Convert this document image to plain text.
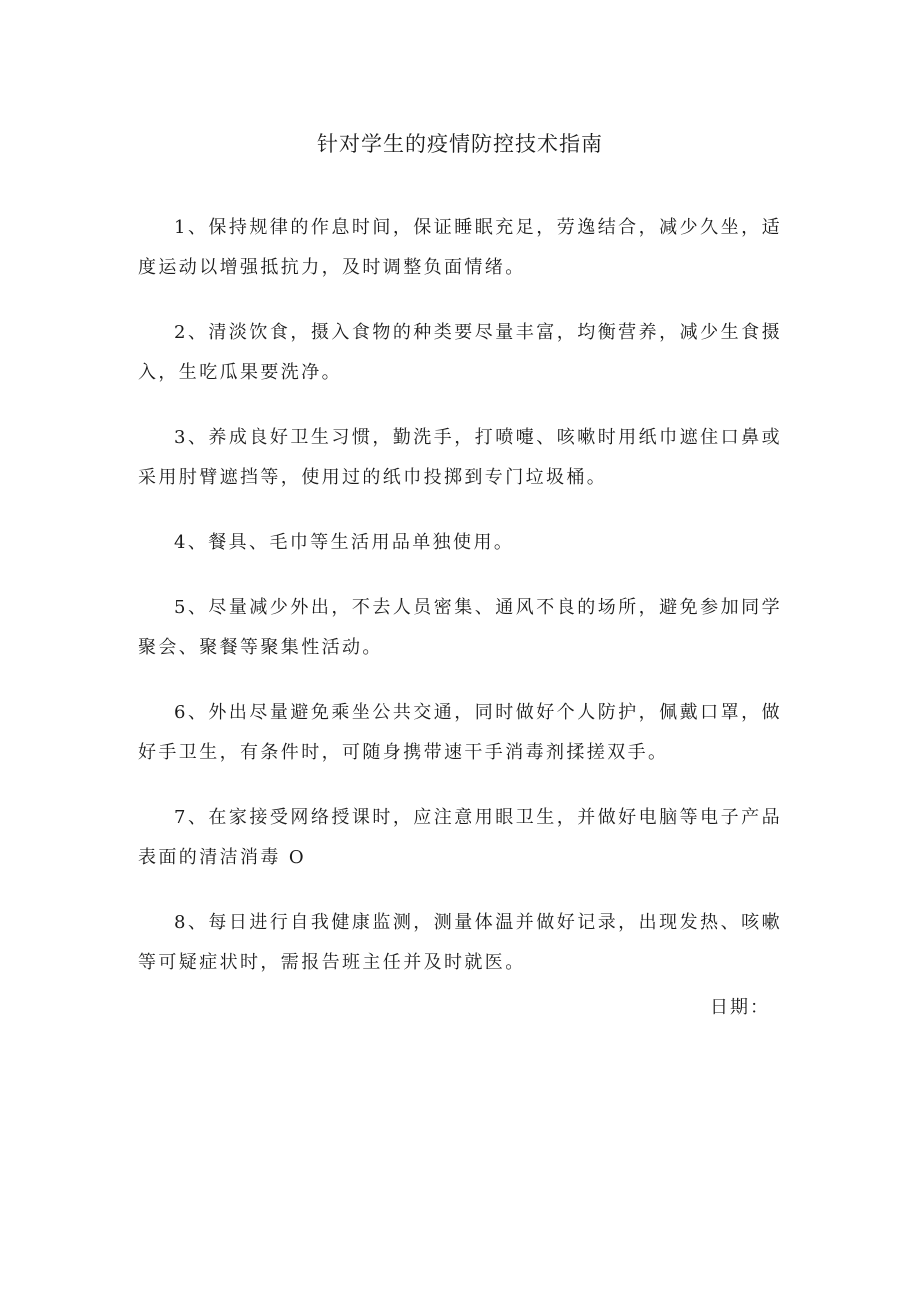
针对学生的疫情防控技术指南

1、保持规律的作息时间，保证睡眠充足，劳逸结合，减少久坐，适度运动以增强抵抗力，及时调整负面情绪。

2、清淡饮食，摄入食物的种类要尽量丰富，均衡营养，减少生食摄入，生吃瓜果要洗净。

3、养成良好卫生习惯，勤洗手，打喷嚏、咳嗽时用纸巾遮住口鼻或采用肘臂遮挡等，使用过的纸巾投掷到专门垃圾桶。

4、餐具、毛巾等生活用品单独使用。

5、尽量减少外出，不去人员密集、通风不良的场所，避免参加同学聚会、聚餐等聚集性活动。

6、外出尽量避免乘坐公共交通，同时做好个人防护，佩戴口罩，做好手卫生，有条件时，可随身携带速干手消毒剂揉搓双手。

7、在家接受网络授课时，应注意用眼卫生，并做好电脑等电子产品表面的清洁消毒 O

8、每日进行自我健康监测，测量体温并做好记录，出现发热、咳嗽等可疑症状时，需报告班主任并及时就医。

日期：
